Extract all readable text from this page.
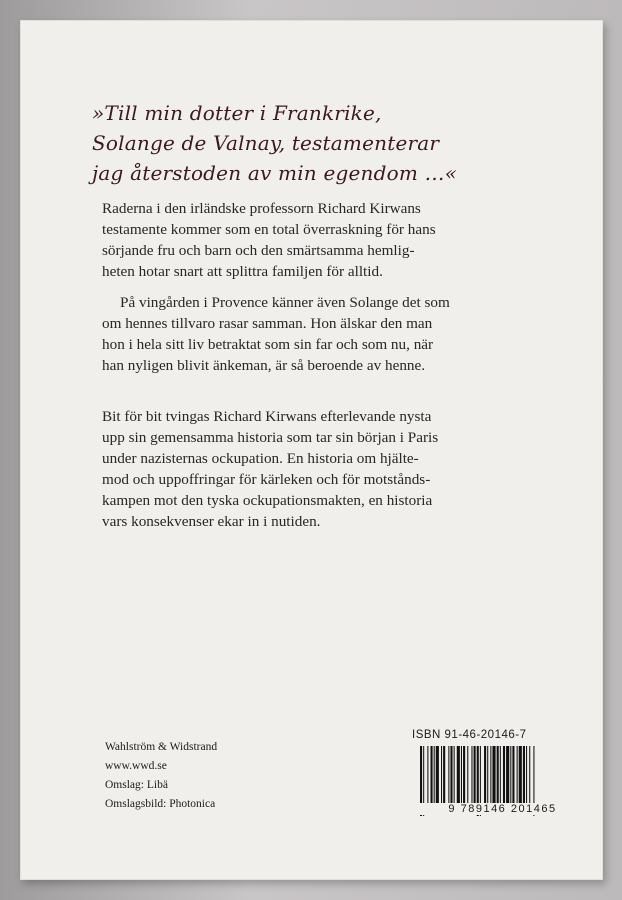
»Till min dotter i Frankrike,
Solange de Valnay, testamenterar
jag återstoden av min egendom …«
Raderna i den irländske professorn Richard Kirwans
testamente kommer som en total överraskning för hans
sörjande fru och barn och den smärtsamma hemlig-
heten hotar snart att splittra familjen för alltid.
På vingården i Provence känner även Solange det som
om hennes tillvaro rasar samman. Hon älskar den man
hon i hela sitt liv betraktat som sin far och som nu, när
han nyligen blivit änkeman, är så beroende av henne.
Bit för bit tvingas Richard Kirwans efterlevande nysta
upp sin gemensamma historia som tar sin början i Paris
under nazisternas ockupation. En historia om hjälte-
mod och uppoffringar för kärleken och för motstånds-
kampen mot den tyska ockupationsmakten, en historia
vars konsekvenser ekar in i nutiden.
Wahlström & Widstrand
www.wwd.se
Omslag: Libä
Omslagsbild: Photonica
ISBN 91-46-20146-7
9 789146 201465
